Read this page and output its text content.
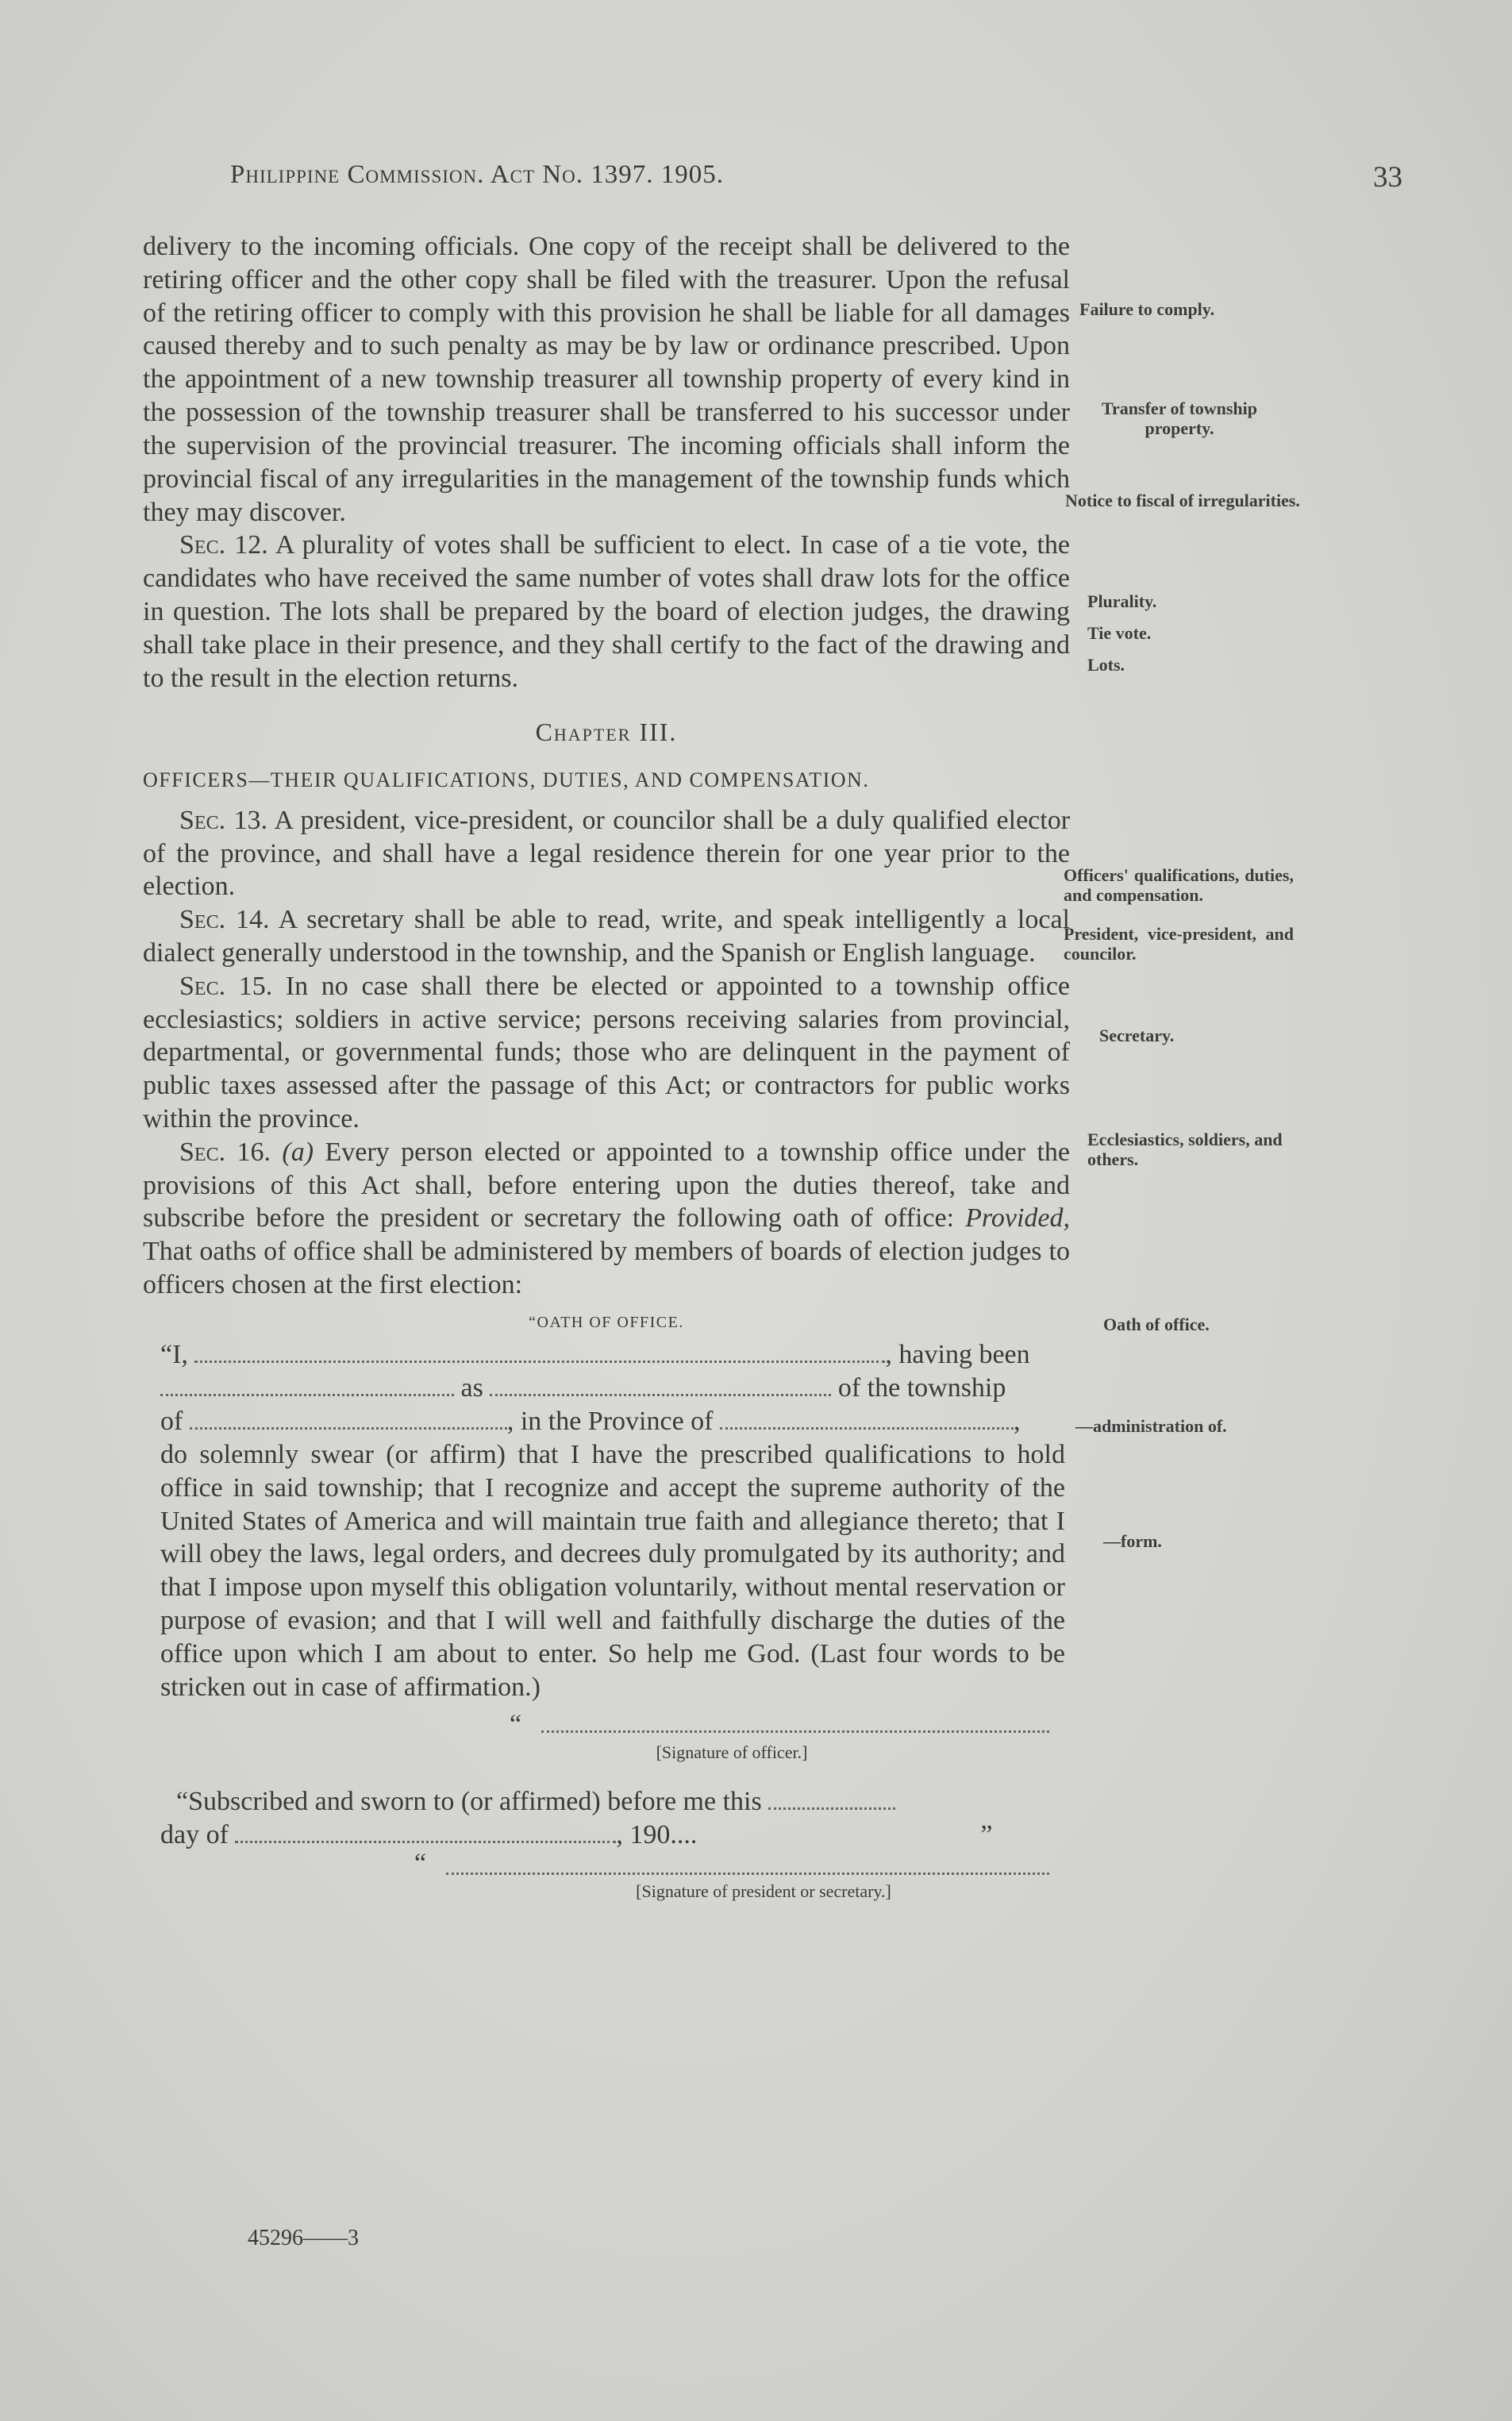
Philippine Commission. Act No. 1397. 1905.	33

delivery to the incoming officials. One copy of the receipt shall be delivered to the retiring officer and the other copy shall be filed with the treasurer. Upon the refusal of the retiring officer to comply with this provision he shall be liable for all damages caused thereby and to such penalty as may be by law or ordinance prescribed. Upon the appointment of a new township treasurer all township property of every kind in the possession of the township treasurer shall be transferred to his successor under the supervision of the provincial treasurer. The incoming officials shall inform the provincial fiscal of any irregularities in the management of the township funds which they may discover.

Sec. 12. A plurality of votes shall be sufficient to elect. In case of a tie vote, the candidates who have received the same number of votes shall draw lots for the office in question. The lots shall be prepared by the board of election judges, the drawing shall take place in their presence, and they shall certify to the fact of the drawing and to the result in the election returns.

Chapter III.
OFFICERS—THEIR QUALIFICATIONS, DUTIES, AND COMPENSATION.

Sec. 13. A president, vice-president, or councilor shall be a duly qualified elector of the province, and shall have a legal residence therein for one year prior to the election.

Sec. 14. A secretary shall be able to read, write, and speak intelligently a local dialect generally understood in the township, and the Spanish or English language.

Sec. 15. In no case shall there be elected or appointed to a township office ecclesiastics; soldiers in active service; persons receiving salaries from provincial, departmental, or governmental funds; those who are delinquent in the payment of public taxes assessed after the passage of this Act; or contractors for public works within the province.

Sec. 16. (a) Every person elected or appointed to a township office under the provisions of this Act shall, before entering upon the duties thereof, take and subscribe before the president or secretary the following oath of office: Provided, That oaths of office shall be administered by members of boards of election judges to officers chosen at the first election:

“OATH OF OFFICE.
“I,	, having been
as	of the township
of	, in the Province of	,

do solemnly swear (or affirm) that I have the prescribed qualifications to hold office in said township; that I recognize and accept the supreme authority of the United States of America and will maintain true faith and allegiance thereto; that I will obey the laws, legal orders, and decrees duly promulgated by its authority; and that I impose upon myself this obligation voluntarily, without mental reservation or purpose of evasion; and that I will well and faithfully discharge the duties of the office upon which I am about to enter. So help me God. (Last four words to be stricken out in case of affirmation.)

“
[Signature of officer.]

“Subscribed and sworn to (or affirmed) before me this

day of	, 190....	”
“
[Signature of president or secretary.]
45296——3
Failure to comply.
Transfer of township property.
Notice to fiscal of irregularities.
Plurality.
Tie vote.
Lots.
Officers' qualifications, duties, and compensation.
President, vice-president, and councilor.
Secretary.
Ecclesiastics, soldiers, and others.
Oath of office.
—administration of.
—form.
